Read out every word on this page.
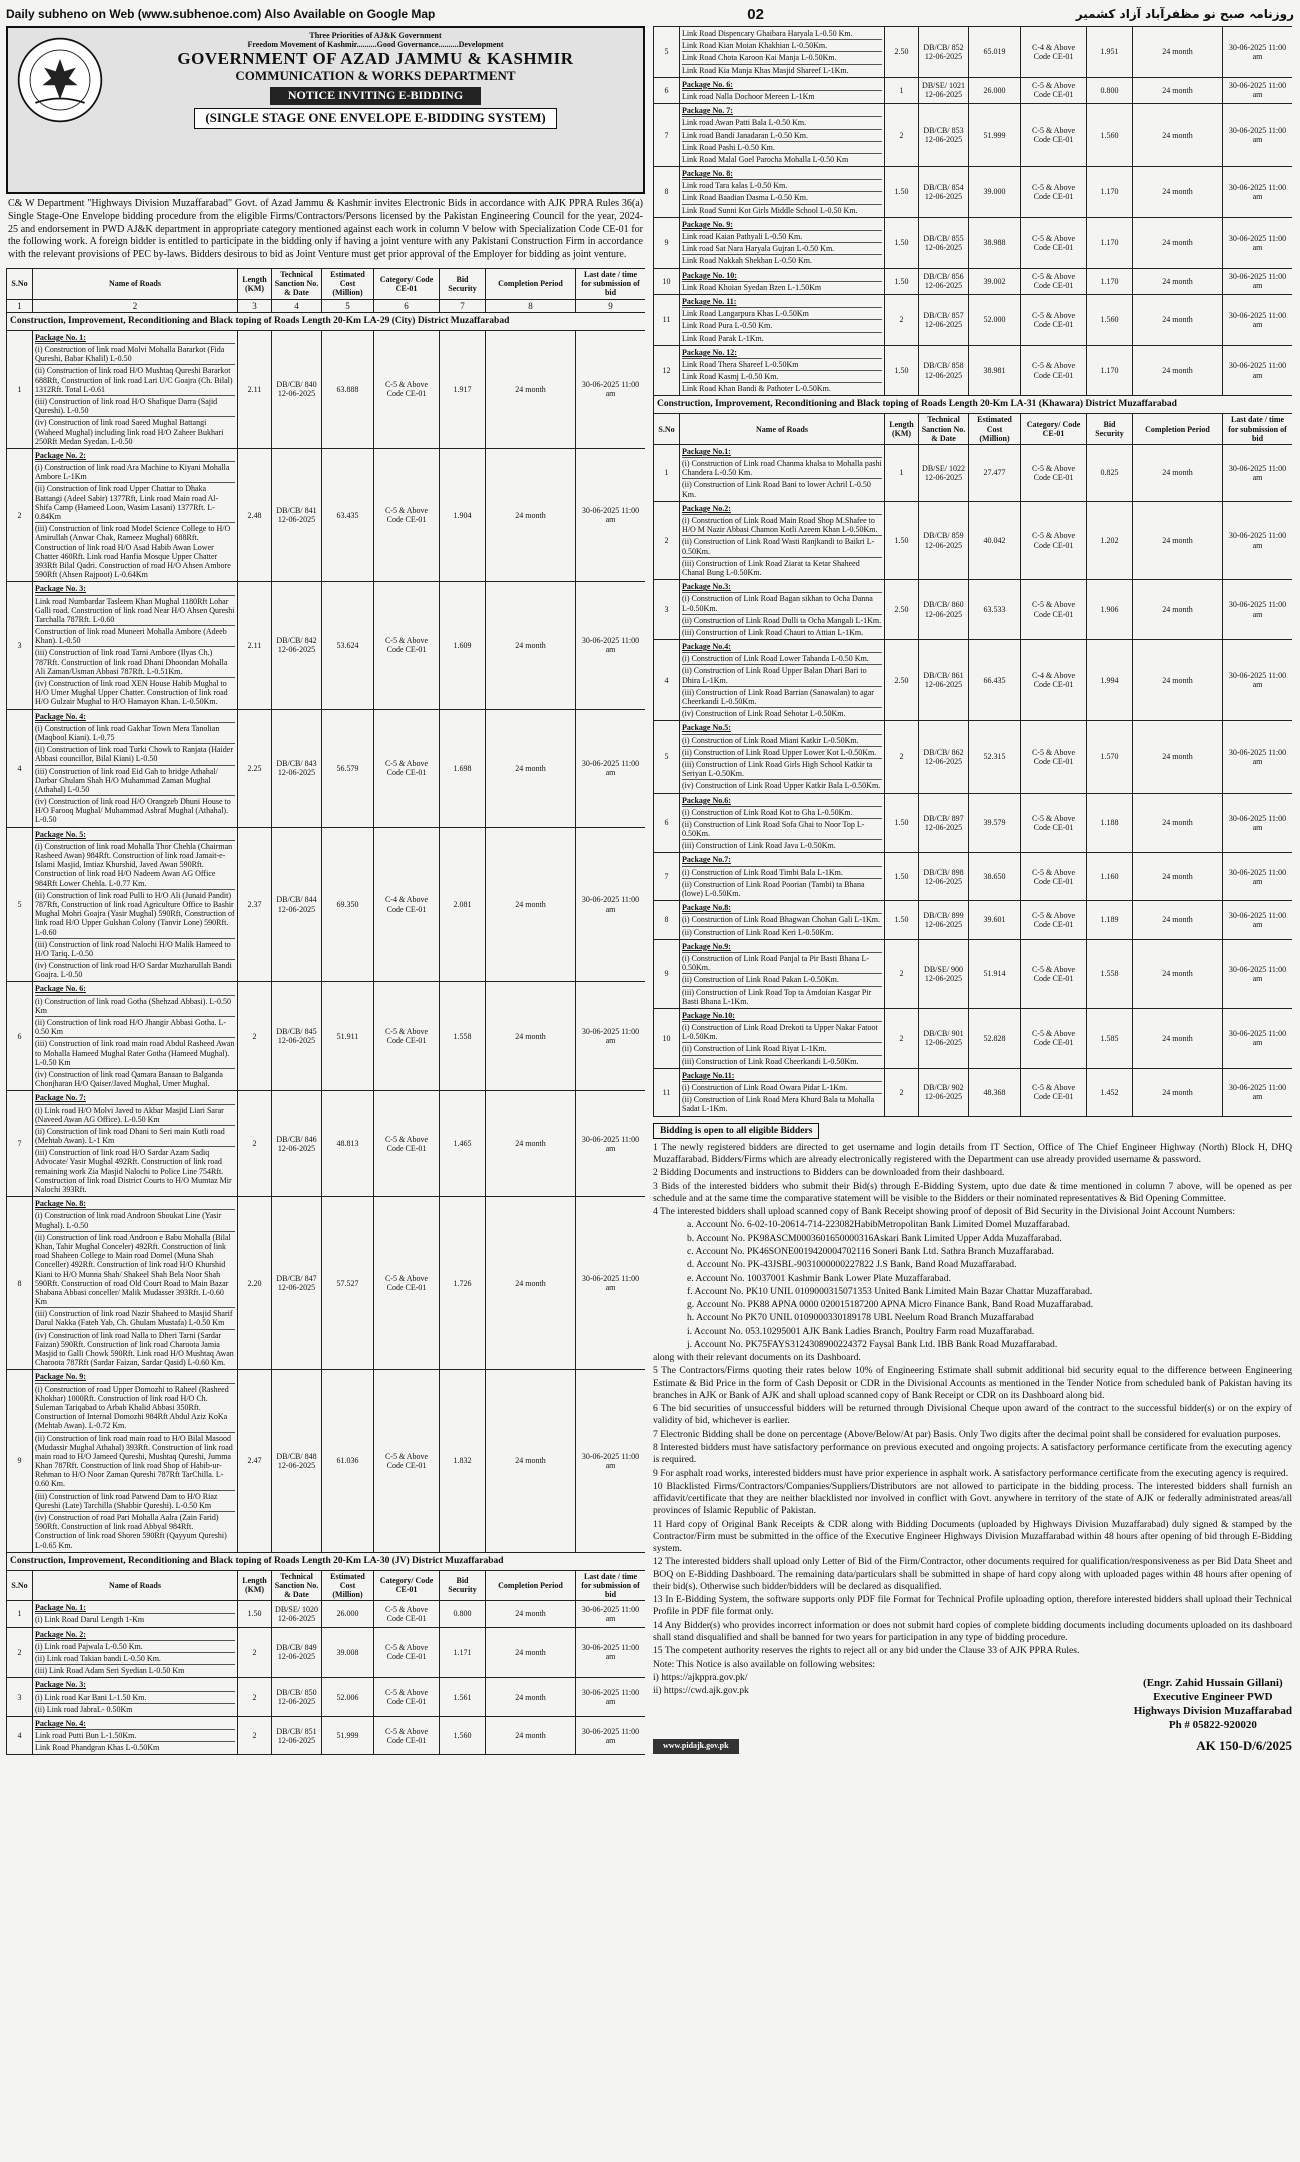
Daily subheno on Web (www.subhenoe.com) Also Available on Google Map	02	روزنامہ صبح نو مظفرآباد آزاد کشمیر
Three Priorities of AJ&K Government
Freedom Movement of Kashmir..........Good Governance..........Development
GOVERNMENT OF AZAD JAMMU & KASHMIR
COMMUNICATION & WORKS DEPARTMENT
NOTICE INVITING E-BIDDING
(SINGLE STAGE ONE ENVELOPE E-BIDDING SYSTEM)
C& W Department "Highways Division Muzaffarabad" Govt. of Azad Jammu & Kashmir invites Electronic Bids in accordance with AJK PPRA Rules 36(a) Single Stage-One Envelope bidding procedure from the eligible Firms/Contractors/Persons licensed by the Pakistan Engineering Council for the year, 2024-25 and endorsement in PWD AJ&K department in appropriate category mentioned against each work in column V below with Specialization Code CE-01 for the following work. A foreign bidder is entitled to participate in the bidding only if having a joint venture with any Pakistani Construction Firm in accordance with the relevant provisions of PEC by-laws. Bidders desirous to bid as Joint Venture must get prior approval of the Employer for bidding as joint venture.
S.No	Name of Roads	Length (KM)	Technical Sanction No. & Date	Estimated Cost (Million)	Category/ Code CE-01	Bid Security	Completion Period	Last date / time for submission of bid
1	2	3	4	5	6	7	8	9
Construction, Improvement, Reconditioning and Black toping of Roads Length 20-Km LA-29 (City) District Muzaffarabad								
1	Package No. 1:
(i) Construction of link road Molvi Mohalla Bararkot (Fida Qureshi, Babar Khalil) L-0.50
(ii) Construction of link road H/O Mushtaq Qureshi Bararkot 688Rft, Construction of link road Lari U/C Goajra (Ch. Bilal) 1312Rft. Total L-0.61
(iii) Construction of link road H/O Shafique Darra (Sajid Qureshi). L-0.50
(iv) Construction of link road Saeed Mughal Battangi (Waheed Mughal) including link road H/O Zaheer Bukhari 250Rft Medan Syedan. L-0.50	2.11	DB/CB/ 840 12-06-2025	63.888	C-5 & Above Code CE-01	1.917	24 month	30-06-2025 11:00 am
2	Package No. 2:
(i) Construction of link road Ara Machine to Kiyani Mohalla Ambore L-1Km
(ii) Construction of link road Upper Chattar to Dhaka Battangi (Adeel Sabir) 1377Rft, Link road Main road Al-Shifa Camp (Hameed Loon, Wasim Lasani) 1377Rft. L-0.84Km
(iii) Construction of link road Model Science College to H/O Amirullah (Anwar Chak, Rameez Mughal) 688Rft. Construction of link road H/O Asad Habib Awan Lower Chatter 460Rft. Link road Hanfia Mosque Upper Chatter 393Rft Bilal Qadri. Construction of road H/O Ahsen Ambore 590Rft (Ahsen Rajpoot) L-0.64Km	2.48	DB/CB/ 841 12-06-2025	63.435	C-5 & Above Code CE-01	1.904	24 month	30-06-2025 11:00 am
3	Package No. 3:
Link road Numbardar Tasleem Khan Mughal 1180Rft Lohar Galli road. Construction of link road Near H/O Ahsen Qureshi Tarchalla 787Rft. L-0.60
Construction of link road Muneeri Mohalla Ambore (Adeeb Khan). L-0.50
(iii) Construction of link road Tarni Ambore (Ilyas Ch.) 787Rft. Construction of link road Dhani Dhoondan Mohalla Ali Zaman/Usman Abbasi 787Rft. L-0.51Km.
(iv) Construction of link road XEN House Habib Mughal to H/O Umer Mughal Upper Chatter. Construction of link road H/O Gulzair Mughal to H/O Hamayon Khan. L-0.50Km.	2.11	DB/CB/ 842 12-06-2025	53.624	C-5 & Above Code CE-01	1.609	24 month	30-06-2025 11:00 am
4	Package No. 4:
(i) Construction of link road Gakhar Town Mera Tanolian (Maqbool Kiani). L-0.75
(ii) Construction of link road Turki Chowk to Ranjata (Haider Abbasi councillor, Bilal Kiani) L-0.50
(iii) Construction of link road Eid Gah to bridge Athahal/ Darbar Ghulam Shah H/O Muhammad Zaman Mughal (Athahal) L-0.50
(iv) Construction of link road H/O Orangzeb Dhuni House to H/O Farooq Mughal/ Muhammad Ashraf Mughal (Athahal). L-0.50	2.25	DB/CB/ 843 12-06-2025	56.579	C-5 & Above Code CE-01	1.698	24 month	30-06-2025 11:00 am
5	Package No. 5:
(i) Construction of link road Mohalla Thor Chehla (Chairman Rasheed Awan) 984Rft. Construction of link road Jamait-e-Islami Masjid, Imtiaz Khurshid, Javed Awan 590Rft. Construction of link road H/O Nadeem Awan AG Office 984Rft Lower Chehla. L-0.77 Km.
(ii) Construction of link road Pulli to H/O Ali (Junaid Pandit) 787Rft, Construction of link road Agriculture Office to Bashir Mughal Mohri Goajra (Yasir Mughal) 590Rft, Construction of link road H/O Upper Gulshan Colony (Tanvir Lone) 590Rft. L-0.60
(iii) Construction of link road Nalochi H/O Malik Hameed to H/O Tariq. L-0.50
(iv) Construction of link road H/O Sardar Muzharullah Bandi Goajra. L-0.50	2.37	DB/CB/ 844 12-06-2025	69.350	C-4 & Above Code CE-01	2.081	24 month	30-06-2025 11:00 am
6	Package No. 6:
(i) Construction of link road Gotha (Shehzad Abbasi). L-0.50 Km
(ii) Construction of link road H/O Jhangir Abbasi Gotha. L-0.50 Km
(iii) Construction of link road main road Abdul Rasheed Awan to Mohalla Hameed Mughal Rater Gotha (Hameed Mughal). L-0.50 Km
(iv) Construction of link road Qamara Banaan to Balganda Chonjharan H/O Qaiser/Javed Mughal, Umer Mughal.	2	DB/CB/ 845 12-06-2025	51.911	C-5 & Above Code CE-01	1.558	24 month	30-06-2025 11:00 am
7	Package No. 7:
(i) Link road H/O Molvi Javed to Akbar Masjid Liari Sarar (Naveed Awan AG Office). L-0.50 Km
(ii) Construction of link road Dhani to Seri main Kutli road (Mehtab Awan). L-1 Km
(iii) Construction of link road H/O Sardar Azam Sadiq Advocate/ Yasir Mughal 492Rft. Construction of link road remaining work Zia Masjid Nalochi to Police Line 754Rft. Construction of link road District Courts to H/O Mumtaz Mir Nalochi 393Rft.	2	DB/CB/ 846 12-06-2025	48.813	C-5 & Above Code CE-01	1.465	24 month	30-06-2025 11:00 am
8	Package No. 8:
(i) Construction of link road Androon Shoukat Line (Yasir Mughal). L-0.50
(ii) Construction of link road Androon e Babu Mohalla (Bilal Khan, Tahir Mughal Conceler) 492Rft. Construction of link road Shaheen College to Main road Domel (Muna Shah Conceller) 492Rft. Construction of link road H/O Khurshid Kiani to H/O Munna Shah/ Shakeel Shah Bela Noor Shah 590Rft. Construction of road Old Court Road to Main Bazar Shabana Abbasi conceller/ Malik Mudasser 393Rft. L-0.60 Km
(iii) Construction of link road Nazir Shaheed to Masjid Sharif Darul Nakka (Fateh Yab, Ch. Ghulam Mustafa) L-0.50 Km
(iv) Construction of link road Nalla to Dheri Tarni (Sardar Faizan) 590Rft. Construction of link road Charoota Jamia Masjid to Galli Chowk 590Rft. Link road H/O Mushtaq Awan Charoota 787Rft (Sardar Faizan, Sardar Qasid) L-0.60 Km.	2.20	DB/CB/ 847 12-06-2025	57.527	C-5 & Above Code CE-01	1.726	24 month	30-06-2025 11:00 am
9	Package No. 9:
(i) Construction of road Upper Domozhi to Raheel (Rasheed Khokhar) 1000Rft. Construction of link road H/O Ch. Suleman Tariqabad to Arbab Khalid Abbasi 350Rft. Construction of Internal Domozhi 984Rft Abdul Aziz KoKa (Mehtab Awan). L-0.72 Km.
(ii) Construction of link road main road to H/O Bilal Masood (Mudassir Mughal Athahal) 393Rft. Construction of link road main road to H/O Jameed Qureshi, Mushtaq Qureshi, Jumma Khan 787Rft. Construction of link road Shop of Habib-ur-Rehman to H/O Noor Zaman Qureshi 787Rft TarChilla. L-0.60 Km.
(iii) Construction of link road Patwend Dam to H/O Riaz Qureshi (Late) Tarchilla (Shabbir Qureshi). L-0.50 Km
(iv) Construction of road Pari Mohalla Aalra (Zain Farid) 590Rft. Construction of link road Abbyal 984Rft. Construction of link road Shoren 590Rft (Qayyum Qureshi) L-0.65 Km.	2.47	DB/CB/ 848 12-06-2025	61.036	C-5 & Above Code CE-01	1.832	24 month	30-06-2025 11:00 am
Construction, Improvement, Reconditioning and Black toping of Roads Length 20-Km LA-30 (JV) District Muzaffarabad								
S.No	Name of Roads	Length (KM)	Technical Sanction No. & Date	Estimated Cost (Million)	Category/ Code CE-01	Bid Security	Completion Period	Last date / time for submission of bid
1	Package No. 1:
(i) Link Road Darul Length 1-Km	1.50	DB/SE/ 1020 12-06-2025	26.000	C-5 & Above Code CE-01	0.800	24 month	30-06-2025 11:00 am
2	Package No. 2:
(i) Link road Pajwala L-0.50 Km.
(ii) Link road Takian bandi L-0.50 Km.
(iii) Link Road Adam Seri Syedian L-0.50 Km	2	DB/CB/ 849 12-06-2025	39.008	C-5 & Above Code CE-01	1.171	24 month	30-06-2025 11:00 am
3	Package No. 3:
(i) Link road Kar Bani L-1.50 Km.
(ii) Link road JabraL- 0.50Km	2	DB/CB/ 850 12-06-2025	52.006	C-5 & Above Code CE-01	1.561	24 month	30-06-2025 11:00 am
4	Package No. 4:
Link road Putti Bun L-1.50Km.
Link Road Phandgran Khas L-0.50Km	2	DB/CB/ 851 12-06-2025	51.999	C-5 & Above Code CE-01	1.560	24 month	30-06-2025 11:00 am
5	Link Road Dispencary Ghaibara Haryala L-0.50 Km.
Link Road Kian Moian Khakhian L-0.50Km.
Link Road Chota Karoon Kai Manja L-0.50Km.
Link Road Kia Manja Khas Masjid Shareef L-1Km.	2.50	DB/CB/ 852 12-06-2025	65.019	C-4 & Above Code CE-01	1.951	24 month	30-06-2025 11:00 am
6	Package No. 6:
Link road Nalla Dochoor Mereen L-1Km	1	DB/SE/ 1021 12-06-2025	26.000	C-5 & Above Code CE-01	0.800	24 month	30-06-2025 11:00 am
7	Package No. 7:
Link road Awan Patti Bala L-0.50 Km.
Link road Bandi Janadaran L-0.50 Km.
Link Road Pashi L-0.50 Km.
Link Road Malal Goel Parocha Mohalla L-0.50 Km	2	DB/CB/ 853 12-06-2025	51.999	C-5 & Above Code CE-01	1.560	24 month	30-06-2025 11:00 am
8	Package No. 8:
Link road Tara kalas L-0.50 Km.
Link Road Baadian Dasma L-0.50 Km.
Link Road Sunni Kot Girls Middle School L-0.50 Km.	1.50	DB/CB/ 854 12-06-2025	39.000	C-5 & Above Code CE-01	1.170	24 month	30-06-2025 11:00 am
9	Package No. 9:
Link road Kaian Pathyali L-0.50 Km.
Link road Sat Nara Haryala Gujran L-0.50 Km.
Link Road Nakkah Shekhan L-0.50 Km.	1.50	DB/CB/ 855 12-06-2025	38.988	C-5 & Above Code CE-01	1.170	24 month	30-06-2025 11:00 am
10	Package No. 10:
Link Road Khoian Syedan Bzen L-1.50Km	1.50	DB/CB/ 856 12-06-2025	39.002	C-5 & Above Code CE-01	1.170	24 month	30-06-2025 11:00 am
11	Package No. 11:
Link Road Langarpura Khas L-0.50Km
Link Road Pura L-0.50 Km.
Link Road Parak L-1Km.	2	DB/CB/ 857 12-06-2025	52.000	C-5 & Above Code CE-01	1.560	24 month	30-06-2025 11:00 am
12	Package No. 12:
Link Road Thera Shareef L-0.50Km
Link Road Kasmj L-0.50 Km.
Link Road Khan Bandi & Pathoter L-0.50Km.	1.50	DB/CB/ 858 12-06-2025	38.981	C-5 & Above Code CE-01	1.170	24 month	30-06-2025 11:00 am
Construction, Improvement, Reconditioning and Black toping of Roads Length 20-Km LA-31 (Khawara) District Muzaffarabad								
S.No	Name of Roads	Length (KM)	Technical Sanction No. & Date	Estimated Cost (Million)	Category/ Code CE-01	Bid Security	Completion Period	Last date / time for submission of bid
1	Package No.1:
(i) Construction of Link road Chanma khalsa to Mohalla pashi Chandera L-0.50 Km.
(ii) Construction of Link Road Bani to lower Achril L-0.50 Km.	1	DB/SE/ 1022 12-06-2025	27.477	C-5 & Above Code CE-01	0.825	24 month	30-06-2025 11:00 am
2	Package No.2:
(i) Construction of Link Road Main Road Shop M.Shafee to H/O M Nazir Abbasi Chamon Kotli Azeem Khan L-0.50Km.
(ii) Construction of Link Road Wasti Ranjkandi to Baikri L-0.50Km.
(iii) Construction of Link Road Ziarat ta Ketar Shaheed Chanal Bung L-0.50Km.	1.50	DB/CB/ 859 12-06-2025	40.042	C-5 & Above Code CE-01	1.202	24 month	30-06-2025 11:00 am
3	Package No.3:
(i) Construction of Link Road Bagan sikhan to Ocha Danna L-0.50Km.
(ii) Construction of Link Road Dulli ta Ocha Mangali L-1Km.
(iii) Construction of Link Road Chauri to Attian L-1Km.	2.50	DB/CB/ 860 12-06-2025	63.533	C-5 & Above Code CE-01	1.906	24 month	30-06-2025 11:00 am
4	Package No.4:
(i) Construction of Link Road Lower Tahanda L-0.50 Km.
(ii) Construction of Link Road Upper Balan Dhari Bari to Dhira L-1Km.
(iii) Construction of Link Road Barrian (Sanawalan) to agar Cheerkandi L-0.50Km.
(iv) Construction of Link Road Sehotar L-0.50Km.	2.50	DB/CB/ 861 12-06-2025	66.435	C-4 & Above Code CE-01	1.994	24 month	30-06-2025 11:00 am
5	Package No.5:
(i) Construction of Link Road Miani Katkir L-0.50Km.
(ii) Construction of Link Road Upper Lower Kot L-0.50Km.
(iii) Construction of Link Road Girls High School Katkir ta Seriyan L-0.50Km.
(iv) Construction of Link Road Upper Katkir Bala L-0.50Km.	2	DB/CB/ 862 12-06-2025	52.315	C-5 & Above Code CE-01	1.570	24 month	30-06-2025 11:00 am
6	Package No.6:
(i) Construction of Link Road Kot to Gha L-0.50Km.
(ii) Construction of Link Road Sofa Ghai to Noor Top L-0.50Km.
(iii) Construction of Link Road Java L-0.50Km.	1.50	DB/CB/ 897 12-06-2025	39.579	C-5 & Above Code CE-01	1.188	24 month	30-06-2025 11:00 am
7	Package No.7:
(i) Construction of Link Road Timbi Bala L-1Km.
(ii) Construction of Link Road Poorian (Tambi) ta Bhana (lowe) L-0.50Km.	1.50	DB/CB/ 898 12-06-2025	38.650	C-5 & Above Code CE-01	1.160	24 month	30-06-2025 11:00 am
8	Package No.8:
(i) Construction of Link Road Bhagwan Chohan Gali L-1Km.
(ii) Construction of Link Road Keri L-0.50Km.	1.50	DB/CB/ 899 12-06-2025	39.601	C-5 & Above Code CE-01	1.189	24 month	30-06-2025 11:00 am
9	Package No.9:
(i) Construction of Link Road Panjal ta Pir Basti Bhana L-0.50Km.
(ii) Construction of Link Road Pakan L-0.50Km.
(iii) Construction of Link Road Top ta Amdoian Kasgar Pir Basti Bhana L-1Km.	2	DB/SE/ 900 12-06-2025	51.914	C-5 & Above Code CE-01	1.558	24 month	30-06-2025 11:00 am
10	Package No.10:
(i) Construction of Link Road Drekoti ta Upper Nakar Fatoot L-0.50Km.
(ii) Construction of Link Road Riyat L-1Km.
(iii) Construction of Link Road Cheerkandi L-0.50Km.	2	DB/CB/ 901 12-06-2025	52.828	C-5 & Above Code CE-01	1.585	24 month	30-06-2025 11:00 am
11	Package No.11:
(i) Construction of Link Road Owara Pidar L-1Km.
(ii) Construction of Link Road Mera Khurd Bala ta Mohalla Sadat L-1Km.	2	DB/CB/ 902 12-06-2025	48.368	C-5 & Above Code CE-01	1.452	24 month	30-06-2025 11:00 am
Bidding is open to all eligible Bidders

1 The newly registered bidders are directed to get username and login details from IT Section, Office of The Chief Engineer Highway (North) Block H, DHQ Muzaffarabad. Bidders/Firms which are already electronically registered with the Department can use already provided username & password.

2 Bidding Documents and instructions to Bidders can be downloaded from their dashboard.

3 Bids of the interested bidders who submit their Bid(s) through E-Bidding System, upto due date & time mentioned in column 7 above, will be opened as per schedule and at the same time the comparative statement will be visible to the Bidders or their nominated representatives & Bid Opening Committee.

4 The interested bidders shall upload scanned copy of Bank Receipt showing proof of deposit of Bid Security in the Divisional Joint Account Numbers:

a. Account No. 6-02-10-20614-714-223082HabibMetropolitan Bank Limited Domel Muzaffarabad.

b. Account No. PK98ASCM0003601650000316Askari Bank Limited Upper Adda Muzaffarabad.

c. Account No. PK46SONE0019420004702116 Soneri Bank Ltd. Sathra Branch Muzaffarabad.

d. Account No. PK-43JSBL-9031000000227822 J.S Bank, Band Road Muzaffarabad.

e. Account No. 10037001 Kashmir Bank Lower Plate Muzaffarabad.

f. Account No. PK10 UNIL 0109000315071353 United Bank Limited Main Bazar Chattar Muzaffarabad.

g. Account No. PK88 APNA 0000 020015187200 APNA Micro Finance Bank, Band Road Muzaffarabad.

h. Account No PK70 UNIL 0109000330189178 UBL Neelum Road Branch Muzaffarabad

i. Account No. 053.10295001 AJK Bank Ladies Branch, Poultry Farm road Muzaffarabad.

j. Account No. PK75FAYS3124308900224372 Faysal Bank Ltd. IBB Bank Road Muzaffarabad.

along with their relevant documents on its Dashboard.

5 The Contractors/Firms quoting their rates below 10% of Engineering Estimate shall submit additional bid security equal to the difference between Engineering Estimate & Bid Price in the form of Cash Deposit or CDR in the Divisional Accounts as mentioned in the Tender Notice from scheduled bank of Pakistan having its branches in AJK or Bank of AJK and shall upload scanned copy of Bank Receipt or CDR on its Dashboard along bid.

6 The bid securities of unsuccessful bidders will be returned through Divisional Cheque upon award of the contract to the successful bidder(s) or on the expiry of validity of bid, whichever is earlier.

7 Electronic Bidding shall be done on percentage (Above/Below/At par) Basis. Only Two digits after the decimal point shall be considered for evaluation purposes.

8 Interested bidders must have satisfactory performance on previous executed and ongoing projects. A satisfactory performance certificate from the executing agency is required.

9 For asphalt road works, interested bidders must have prior experience in asphalt work. A satisfactory performance certificate from the executing agency is required.

10 Blacklisted Firms/Contractors/Companies/Suppliers/Distributors are not allowed to participate in the bidding process. The interested bidders shall furnish an affidavit/certificate that they are neither blacklisted nor involved in conflict with Govt. anywhere in territory of the state of AJK or federally administrated areas/all provinces of Islamic Republic of Pakistan.

11 Hard copy of Original Bank Receipts & CDR along with Bidding Documents (uploaded by Highways Division Muzaffarabad) duly signed & stamped by the Contractor/Firm must be submitted in the office of the Executive Engineer Highways Division Muzaffarabad within 48 hours after opening of bid through E-Bidding system.

12 The interested bidders shall upload only Letter of Bid of the Firm/Contractor, other documents required for qualification/responsiveness as per Bid Data Sheet and BOQ on E-Bidding Dashboard. The remaining data/particulars shall be submitted in shape of hard copy along with uploaded pages within 48 hours after opening of their bid(s). Otherwise such bidder/bidders will be declared as disqualified.

13 In E-Bidding System, the software supports only PDF file Format for Technical Profile uploading option, therefore interested bidders shall upload their Technical Profile in PDF file format only.

14 Any Bidder(s) who provides incorrect information or does not submit hard copies of complete bidding documents including documents uploaded on its dashboard shall stand disqualified and shall be banned for two years for participation in any type of bidding procedure.

15 The competent authority reserves the rights to reject all or any bid under the Clause 33 of AJK PPRA Rules.

Note: This Notice is also available on following websites:

i) https://ajkppra.gov.pk/

ii) https://cwd.ajk.gov.pk

(Engr. Zahid Hussain Gillani)
Executive Engineer PWD
Highways Division Muzaffarabad
Ph # 05822-920020
www.pidajk.gov.pk	AK 150-D/6/2025
